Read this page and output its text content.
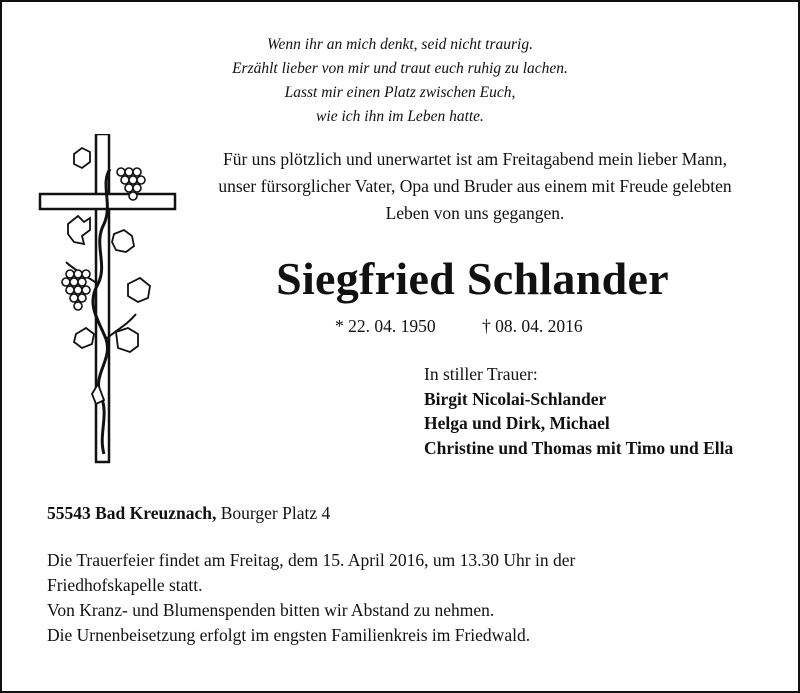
Wenn ihr an mich denkt, seid nicht traurig.
Erzählt lieber von mir und traut euch ruhig zu lachen.
Lasst mir einen Platz zwischen Euch,
wie ich ihn im Leben hatte.
Für uns plötzlich und unerwartet ist am Freitagabend mein lieber Mann,
unser fürsorglicher Vater, Opa und Bruder aus einem mit Freude gelebten
Leben von uns gegangen.
Siegfried Schlander
* 22. 04. 1950	† 08. 04. 2016
In stiller Trauer:
Birgit Nicolai-Schlander
Helga und Dirk, Michael
Christine und Thomas mit Timo und Ella
55543 Bad Kreuznach, Bourger Platz 4
Die Trauerfeier findet am Freitag, dem 15. April 2016, um 13.30 Uhr in der
Friedhofskapelle statt.
Von Kranz- und Blumenspenden bitten wir Abstand zu nehmen.
Die Urnenbeisetzung erfolgt im engsten Familienkreis im Friedwald.
